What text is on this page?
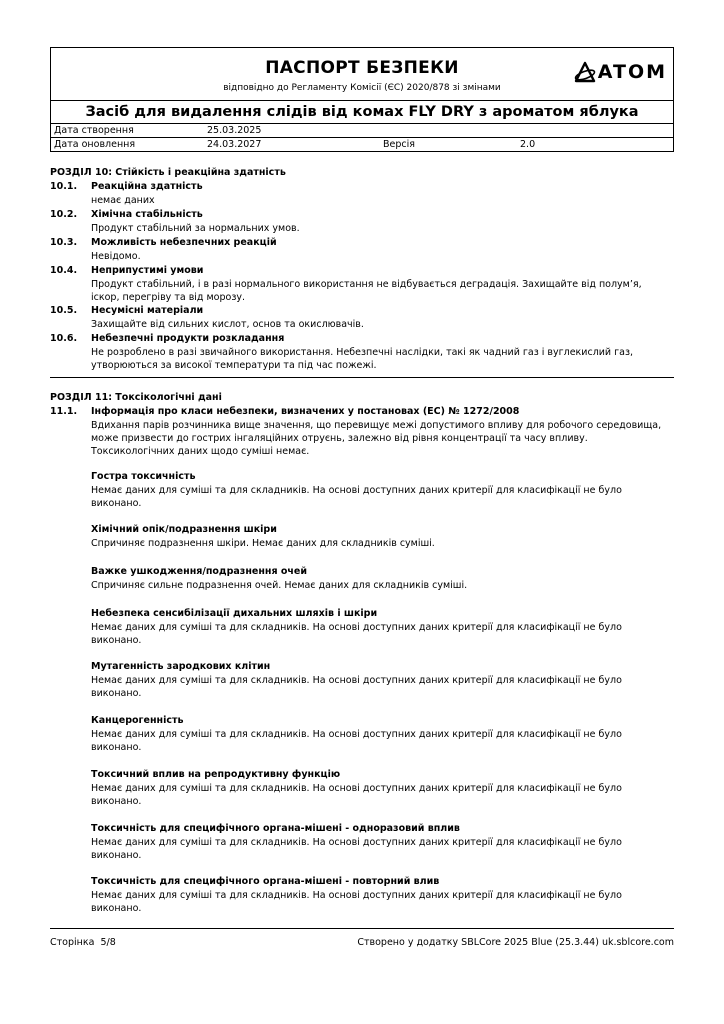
ПАСПОРТ БЕЗПЕКИ
відповідно до Регламенту Комісії (ЄС) 2020/878 зі змінами
ATOM
Засіб для видалення слідів від комах FLY DRY з ароматом яблука
Дата створення	25.03.2025
Дата оновлення	24.03.2027	Версія	2.0
РОЗДІЛ 10: Стійкість і реакційна здатність
10.1. Реакційна здатність
немає даних
10.2. Хімічна стабільність
Продукт стабільний за нормальних умов.
10.3. Можливість небезпечних реакцій
Невідомо.
10.4. Неприпустимі умови
Продукт стабільний, і в разі нормального використання не відбувається деградація. Захищайте від полум’я,
іскор, перегріву та від морозу.
10.5. Несумісні матеріали
Захищайте від сильних кислот, основ та окислювачів.
10.6. Небезпечні продукти розкладання
Не розроблено в разі звичайного використання. Небезпечні наслідки, такі як чадний газ і вуглекислий газ,
утворюються за високої температури та під час пожежі.
РОЗДІЛ 11: Токсікологічні дані
11.1. Інформація про класи небезпеки, визначених у постановах (ЕС) № 1272/2008
Вдихання парів розчинника вище значення, що перевищує межі допустимого впливу для робочого середовища,
може призвести до гострих інгаляційних отруєнь, залежно від рівня концентрації та часу впливу.
Токсикологічних даних щодо суміші немає.
Гостра токсичність
Немає даних для суміші та для складників. На основі доступних даних критерії для класифікації не було
виконано.
Хімічний опік/подразнення шкіри
Спричиняє подразнення шкіри. Немає даних для складників суміші.
Важке ушкодження/подразнення очей
Спричиняє сильне подразнення очей. Немає даних для складників суміші.
Небезпека сенсибілізації дихальних шляхів і шкіри
Немає даних для суміші та для складників. На основі доступних даних критерії для класифікації не було
виконано.
Мутагенність зародкових клітин
Немає даних для суміші та для складників. На основі доступних даних критерії для класифікації не було
виконано.
Канцерогенність
Немає даних для суміші та для складників. На основі доступних даних критерії для класифікації не було
виконано.
Токсичний вплив на репродуктивну функцію
Немає даних для суміші та для складників. На основі доступних даних критерії для класифікації не було
виконано.
Токсичність для специфічного органа-мішені - одноразовий вплив
Немає даних для суміші та для складників. На основі доступних даних критерії для класифікації не було
виконано.
Токсичність для специфічного органа-мішені - повторний влив
Немає даних для суміші та для складників. На основі доступних даних критерії для класифікації не було
виконано.
Сторінка 5/8	Створено у додатку SBLCore 2025 Blue (25.3.44) uk.sblcore.com
